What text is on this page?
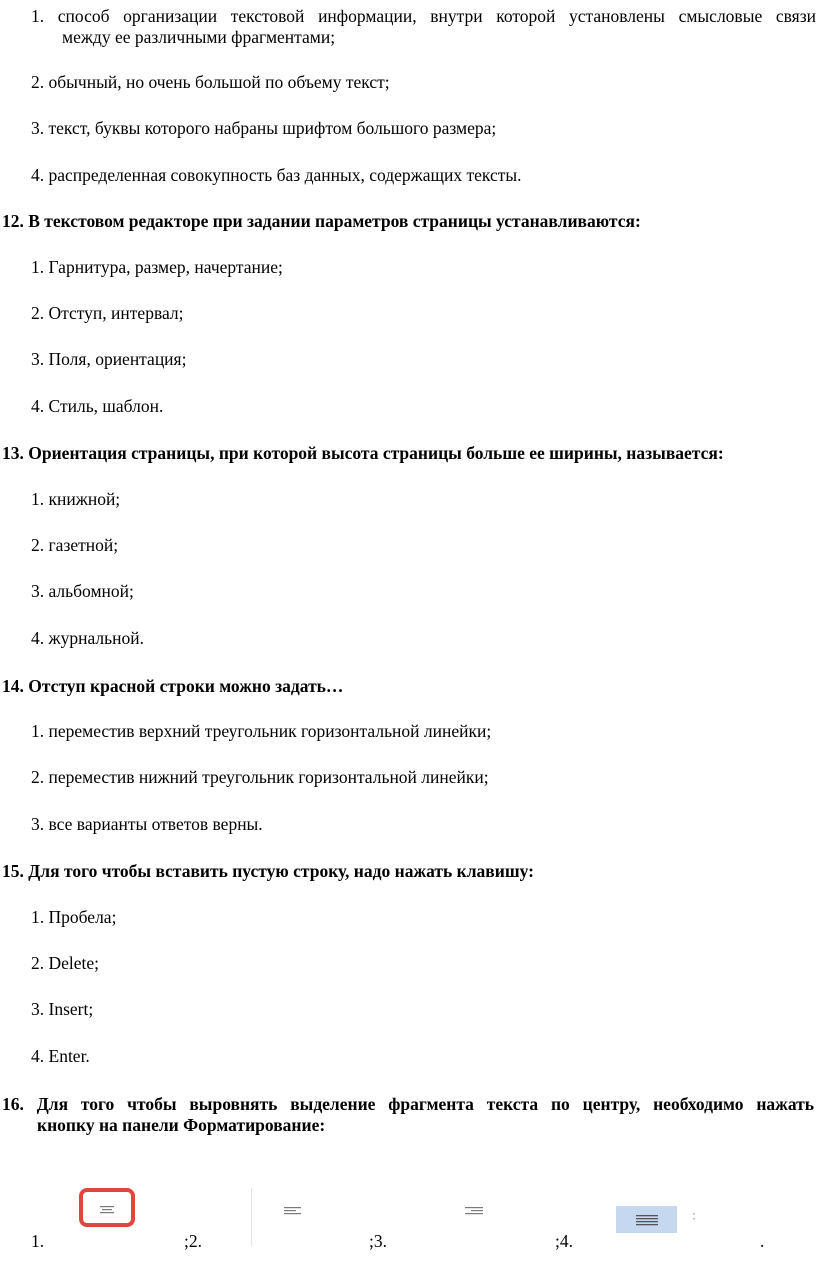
1. способ организации текстовой информации, внутри которой установлены смысловые связи
между ее различными фрагментами;
2. обычный, но очень большой по объему текст;
3. текст, буквы которого набраны шрифтом большого размера;
4. распределенная совокупность баз данных, содержащих тексты.
12. В текстовом редакторе при задании параметров страницы устанавливаются:
1. Гарнитура, размер, начертание;
2. Отступ, интервал;
3. Поля, ориентация;
4. Стиль, шаблон.
13. Ориентация страницы, при которой высота страницы больше ее ширины, называется:
1. книжной;
2. газетной;
3. альбомной;
4. журнальной.
14. Отступ красной строки можно задать…
1. переместив верхний треугольник горизонтальной линейки;
2. переместив нижний треугольник горизонтальной линейки;
3. все варианты ответов верны.
15. Для того чтобы вставить пустую строку, надо нажать клавишу:
1. Пробела;
2. Delete;
3. Insert;
4. Enter.
16. Для того чтобы выровнять выделение фрагмента текста по центру, необходимо нажать
кнопку на панели Форматирование:
1.	;2.	;3.	;4.	.
